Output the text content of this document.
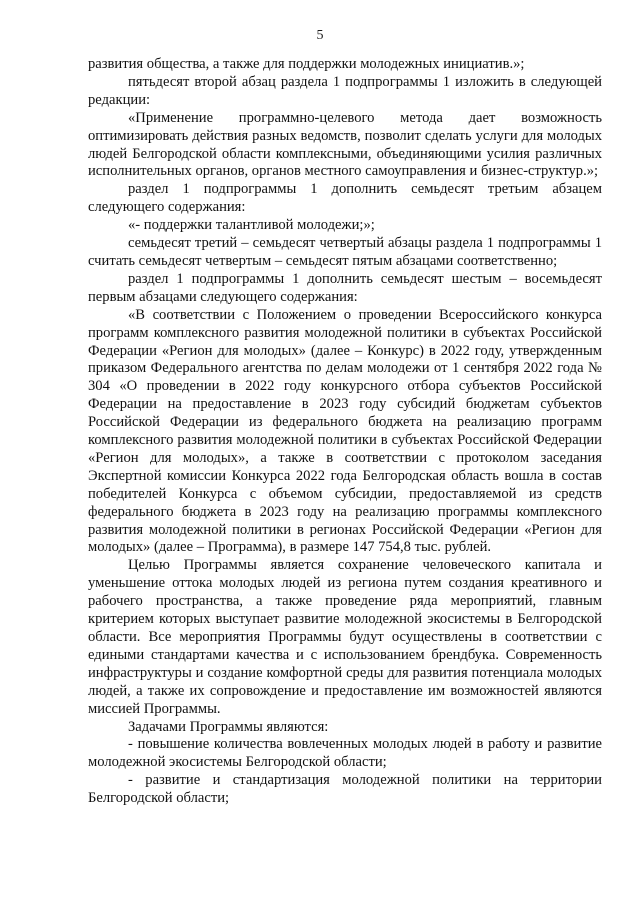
5

развития общества, а также для поддержки молодежных инициатив.»;

пятьдесят второй абзац раздела 1 подпрограммы 1 изложить в следующей редакции:

«Применение программно-целевого метода дает возможность оптимизировать действия разных ведомств, позволит сделать услуги для молодых людей Белгородской области комплексными, объединяющими усилия различных исполнительных органов, органов местного самоуправления и бизнес-структур.»;

раздел 1 подпрограммы 1 дополнить семьдесят третьим абзацем следующего содержания:

«- поддержки талантливой молодежи;»;

семьдесят третий – семьдесят четвертый абзацы раздела 1 подпрограммы 1 считать семьдесят четвертым – семьдесят пятым абзацами соответственно;

раздел 1 подпрограммы 1 дополнить семьдесят шестым – восемьдесят первым абзацами следующего содержания:

«В соответствии с Положением о проведении Всероссийского конкурса программ комплексного развития молодежной политики в субъектах Российской Федерации «Регион для молодых» (далее – Конкурс) в 2022 году, утвержденным приказом Федерального агентства по делам молодежи от 1 сентября 2022 года № 304 «О проведении в 2022 году конкурсного отбора субъектов Российской Федерации на предоставление в 2023 году субсидий бюджетам субъектов Российской Федерации из федерального бюджета на реализацию программ комплексного развития молодежной политики в субъектах Российской Федерации «Регион для молодых», а также в соответствии с протоколом заседания Экспертной комиссии Конкурса 2022 года Белгородская область вошла в состав победителей Конкурса с объемом субсидии, предоставляемой из средств федерального бюджета в 2023 году на реализацию программы комплексного развития молодежной политики в регионах Российской Федерации «Регион для молодых» (далее – Программа), в размере 147 754,8 тыс. рублей.

Целью Программы является сохранение человеческого капитала и уменьшение оттока молодых людей из региона путем создания креативного и рабочего пространства, а также проведение ряда мероприятий, главным критерием которых выступает развитие молодежной экосистемы в Белгородской области. Все мероприятия Программы будут осуществлены в соответствии с едиными стандартами качества и с использованием брендбука. Современность инфраструктуры и создание комфортной среды для развития потенциала молодых людей, а также их сопровождение и предоставление им возможностей являются миссией Программы.

Задачами Программы являются:

- повышение количества вовлеченных молодых людей в работу и развитие молодежной экосистемы Белгородской области;

- развитие и стандартизация молодежной политики на территории Белгородской области;
